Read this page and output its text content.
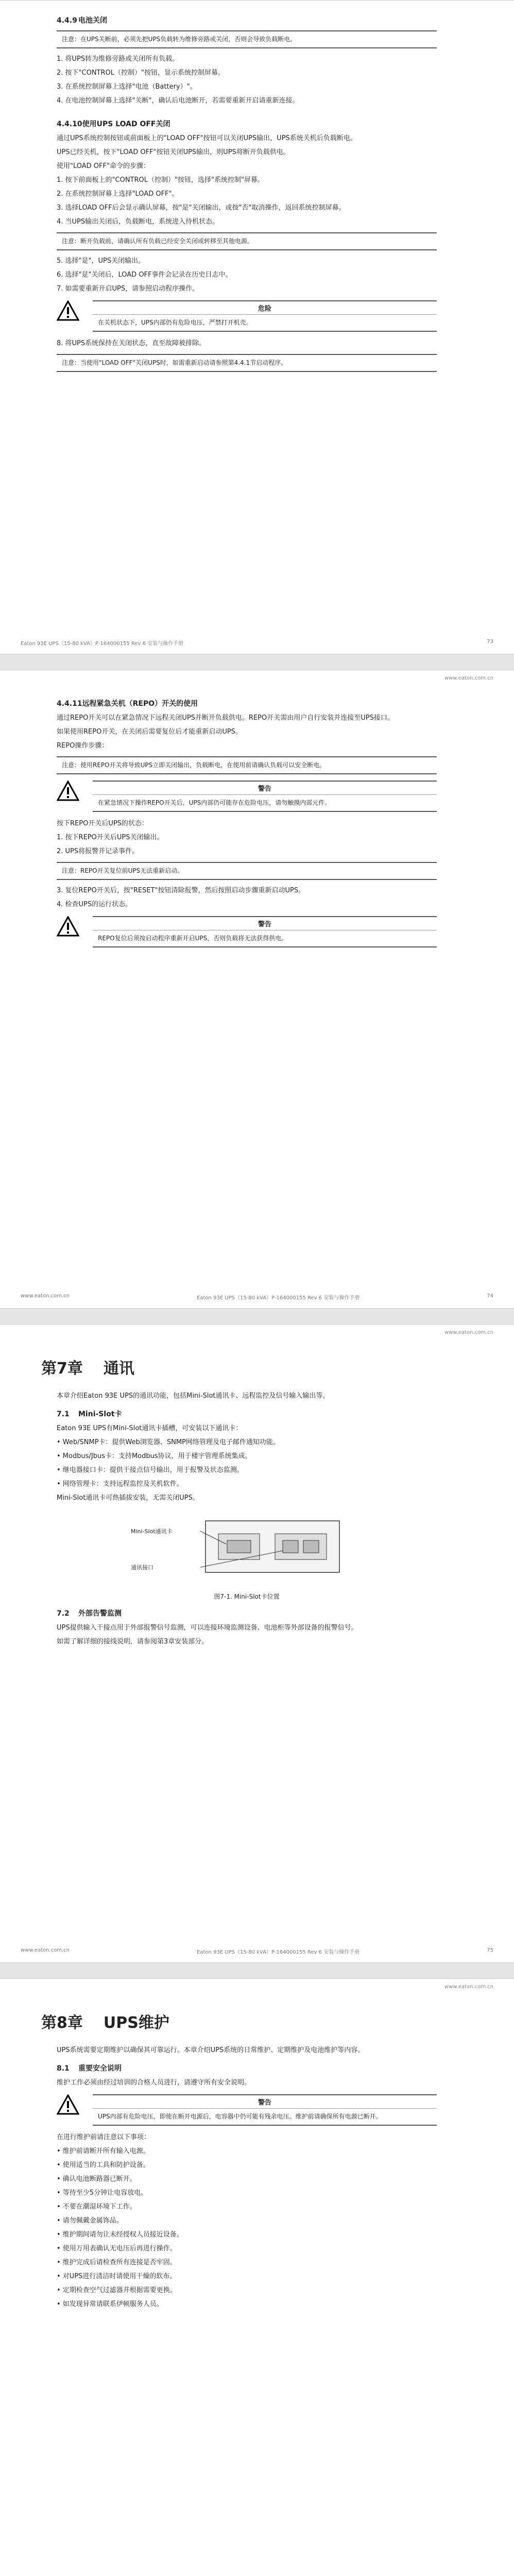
4.4.9 电池关闭
注意：在UPS关断前，必须先把UPS负载转为维修旁路或关闭，否则会导致负载断电。

1. 将UPS转为维修旁路或关闭所有负载。

2. 按下"CONTROL（控制）"按钮，显示系统控制屏幕。

3. 在系统控制屏幕上选择"电池（Battery）"。

4. 在电池控制屏幕上选择"关断"，确认后电池断开，若需要重新开启请重新连接。

4.4.10使用UPS LOAD OFF关闭

通过UPS系统控制按钮或前面板上的"LOAD OFF"按钮可以关闭UPS输出，UPS系统关机后负载断电。

UPS已经关机，按下"LOAD OFF"按钮关闭UPS输出，则UPS将断开负载供电。

使用"LOAD OFF"命令的步骤：

1. 按下前面板上的"CONTROL（控制）"按钮，选择"系统控制"屏幕。

2. 在系统控制屏幕上选择"LOAD OFF"。

3. 选择LOAD OFF后会显示确认屏幕，按"是"关闭输出，或按"否"取消操作，返回系统控制屏幕。

4. 当UPS输出关闭后，负载断电，系统进入待机状态。

注意：断开负载前，请确认所有负载已经安全关闭或转移至其他电源。

5. 选择"是"，UPS关闭输出。

6. 选择"是"关闭后，LOAD OFF事件会记录在历史日志中。

7. 如需要重新开启UPS，请参照启动程序操作。

危险
在关机状态下，UPS内部仍有危险电压，严禁打开机壳。

8. 将UPS系统保持在关闭状态，直至故障被排除。

注意：当使用"LOAD OFF"关闭UPS时，如需重新启动请参照第4.4.1节启动程序。
Eaton 93E UPS（15-80 kVA）P-164000155 Rev 6 安装与操作手册	73
www.eaton.com.cn
4.4.11远程紧急关机（REPO）开关的使用

通过REPO开关可以在紧急情况下远程关闭UPS并断开负载供电。REPO开关需由用户自行安装并连接至UPS接口。

如果使用REPO开关，在关闭后需要复位后才能重新启动UPS。

REPO操作步骤：

注意：使用REPO开关将导致UPS立即关闭输出，负载断电，在使用前请确认负载可以安全断电。
警告
在紧急情况下操作REPO开关后，UPS内部仍可能存在危险电压，请勿触摸内部元件。

按下REPO开关后UPS的状态：

1. 按下REPO开关后UPS关闭输出。

2. UPS将报警并记录事件。

注意：REPO开关复位前UPS无法重新启动。

3. 复位REPO开关后，按"RESET"按钮清除报警，然后按照启动步骤重新启动UPS。

4. 检查UPS的运行状态。

警告
REPO复位后须按启动程序重新开启UPS，否则负载将无法获得供电。
www.eaton.com.cn	Eaton 93E UPS（15-80 kVA）P-164000155 Rev 6 安装与操作手册	74
www.eaton.com.cn
第7章 通讯

本章介绍Eaton 93E UPS的通讯功能，包括Mini-Slot通讯卡、远程监控及信号输入输出等。

7.1 Mini-Slot卡

Eaton 93E UPS有Mini-Slot通讯卡插槽，可安装以下通讯卡：

• Web/SNMP卡：提供Web浏览器、SNMP网络管理及电子邮件通知功能。

• Modbus/Jbus卡：支持Modbus协议，用于楼宇管理系统集成。

• 继电器接口卡：提供干接点信号输出，用于报警及状态监测。

• 网络管理卡：支持远程监控及关机软件。

Mini-Slot通讯卡可热插拔安装，无需关闭UPS。

Mini-Slot通讯卡
通讯接口
图7-1. Mini-Slot卡位置
7.2 外部告警监测

UPS提供输入干接点用于外部报警信号监测，可以连接环境监测设备、电池柜等外部设备的报警信号。

如需了解详细的接线说明，请参阅第3章安装部分。

www.eaton.com.cn	Eaton 93E UPS（15-80 kVA）P-164000155 Rev 6 安装与操作手册	75
www.eaton.com.cn
第8章 UPS维护

UPS系统需要定期维护以确保其可靠运行。本章介绍UPS系统的日常维护、定期维护及电池维护等内容。

8.1 重要安全说明

维护工作必须由经过培训的合格人员进行，请遵守所有安全说明。

警告
UPS内部有危险电压，即使在断开电源后，电容器中仍可能有残余电压。维护前请确保所有电源已断开。

在进行维护前请注意以下事项：

• 维护前请断开所有输入电源。

• 使用适当的工具和防护设备。

• 确认电池断路器已断开。

• 等待至少5分钟让电容放电。

• 不要在潮湿环境下工作。

• 请勿佩戴金属饰品。

• 维护期间请勿让未经授权人员接近设备。

• 使用万用表确认无电压后再进行操作。

• 维护完成后请检查所有连接是否牢固。

• 对UPS进行清洁时请使用干燥的软布。

• 定期检查空气过滤器并根据需要更换。

• 如发现异常请联系伊顿服务人员。
